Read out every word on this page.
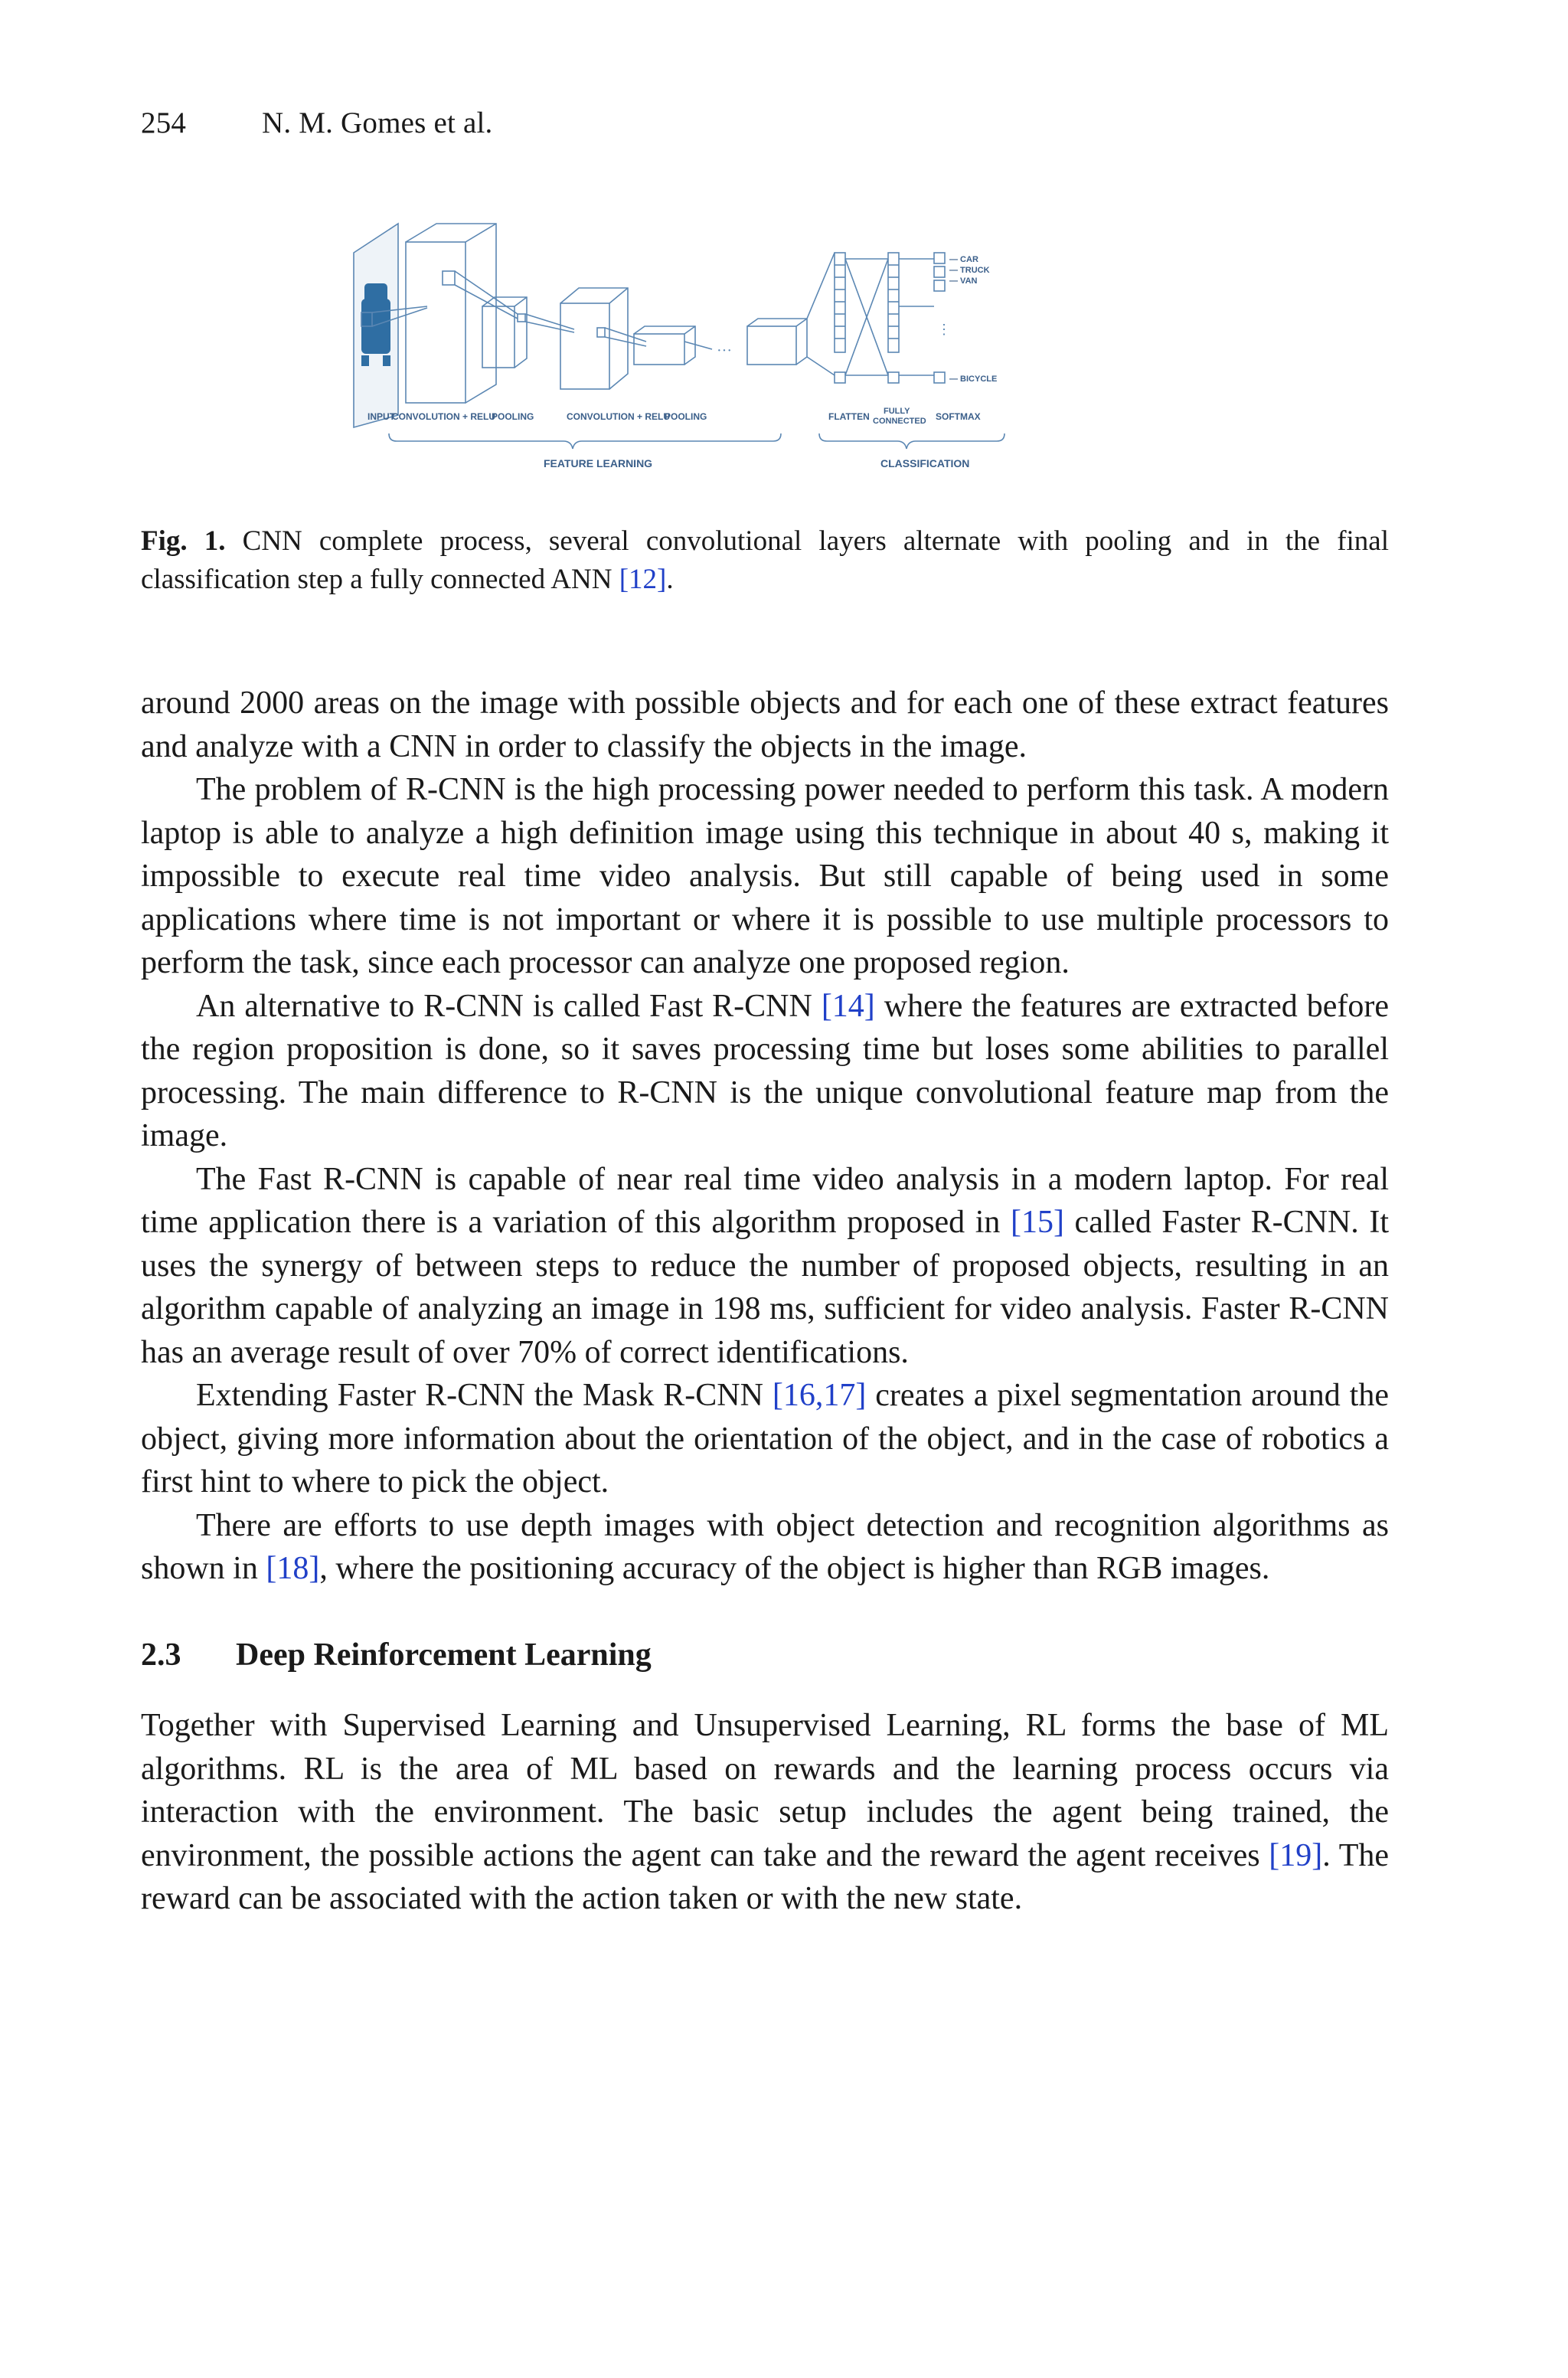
254	N. M. Gomes et al.
···
⋮
INPUT
CONVOLUTION + RELU
POOLING	CONVOLUTION + RELU
POOLING	FLATTEN FULLY
CONNECTED SOFTMAX
FEATURE LEARNING	CLASSIFICATION
— CAR
— TRUCK
— VAN
— BICYCLE
Fig. 1. CNN complete process, several convolutional layers alternate with pooling and in the final classification step a fully connected ANN [12].

around 2000 areas on the image with possible objects and for each one of these extract features and analyze with a CNN in order to classify the objects in the image.

The problem of R-CNN is the high processing power needed to perform this task. A modern laptop is able to analyze a high definition image using this technique in about 40 s, making it impossible to execute real time video analysis. But still capable of being used in some applications where time is not important or where it is possible to use multiple processors to perform the task, since each processor can analyze one proposed region.

An alternative to R-CNN is called Fast R-CNN [14] where the features are extracted before the region proposition is done, so it saves processing time but loses some abilities to parallel processing. The main difference to R-CNN is the unique convolutional feature map from the image.

The Fast R-CNN is capable of near real time video analysis in a modern laptop. For real time application there is a variation of this algorithm proposed in [15] called Faster R-CNN. It uses the synergy of between steps to reduce the number of proposed objects, resulting in an algorithm capable of analyzing an image in 198 ms, sufficient for video analysis. Faster R-CNN has an average result of over 70% of correct identifications.

Extending Faster R-CNN the Mask R-CNN [16,17] creates a pixel segmentation around the object, giving more information about the orientation of the object, and in the case of robotics a first hint to where to pick the object.

There are efforts to use depth images with object detection and recognition algorithms as shown in [18], where the positioning accuracy of the object is higher than RGB images.

2.3 Deep Reinforcement Learning

Together with Supervised Learning and Unsupervised Learning, RL forms the base of ML algorithms. RL is the area of ML based on rewards and the learning process occurs via interaction with the environment. The basic setup includes the agent being trained, the environment, the possible actions the agent can take and the reward the agent receives [19]. The reward can be associated with the action taken or with the new state.
